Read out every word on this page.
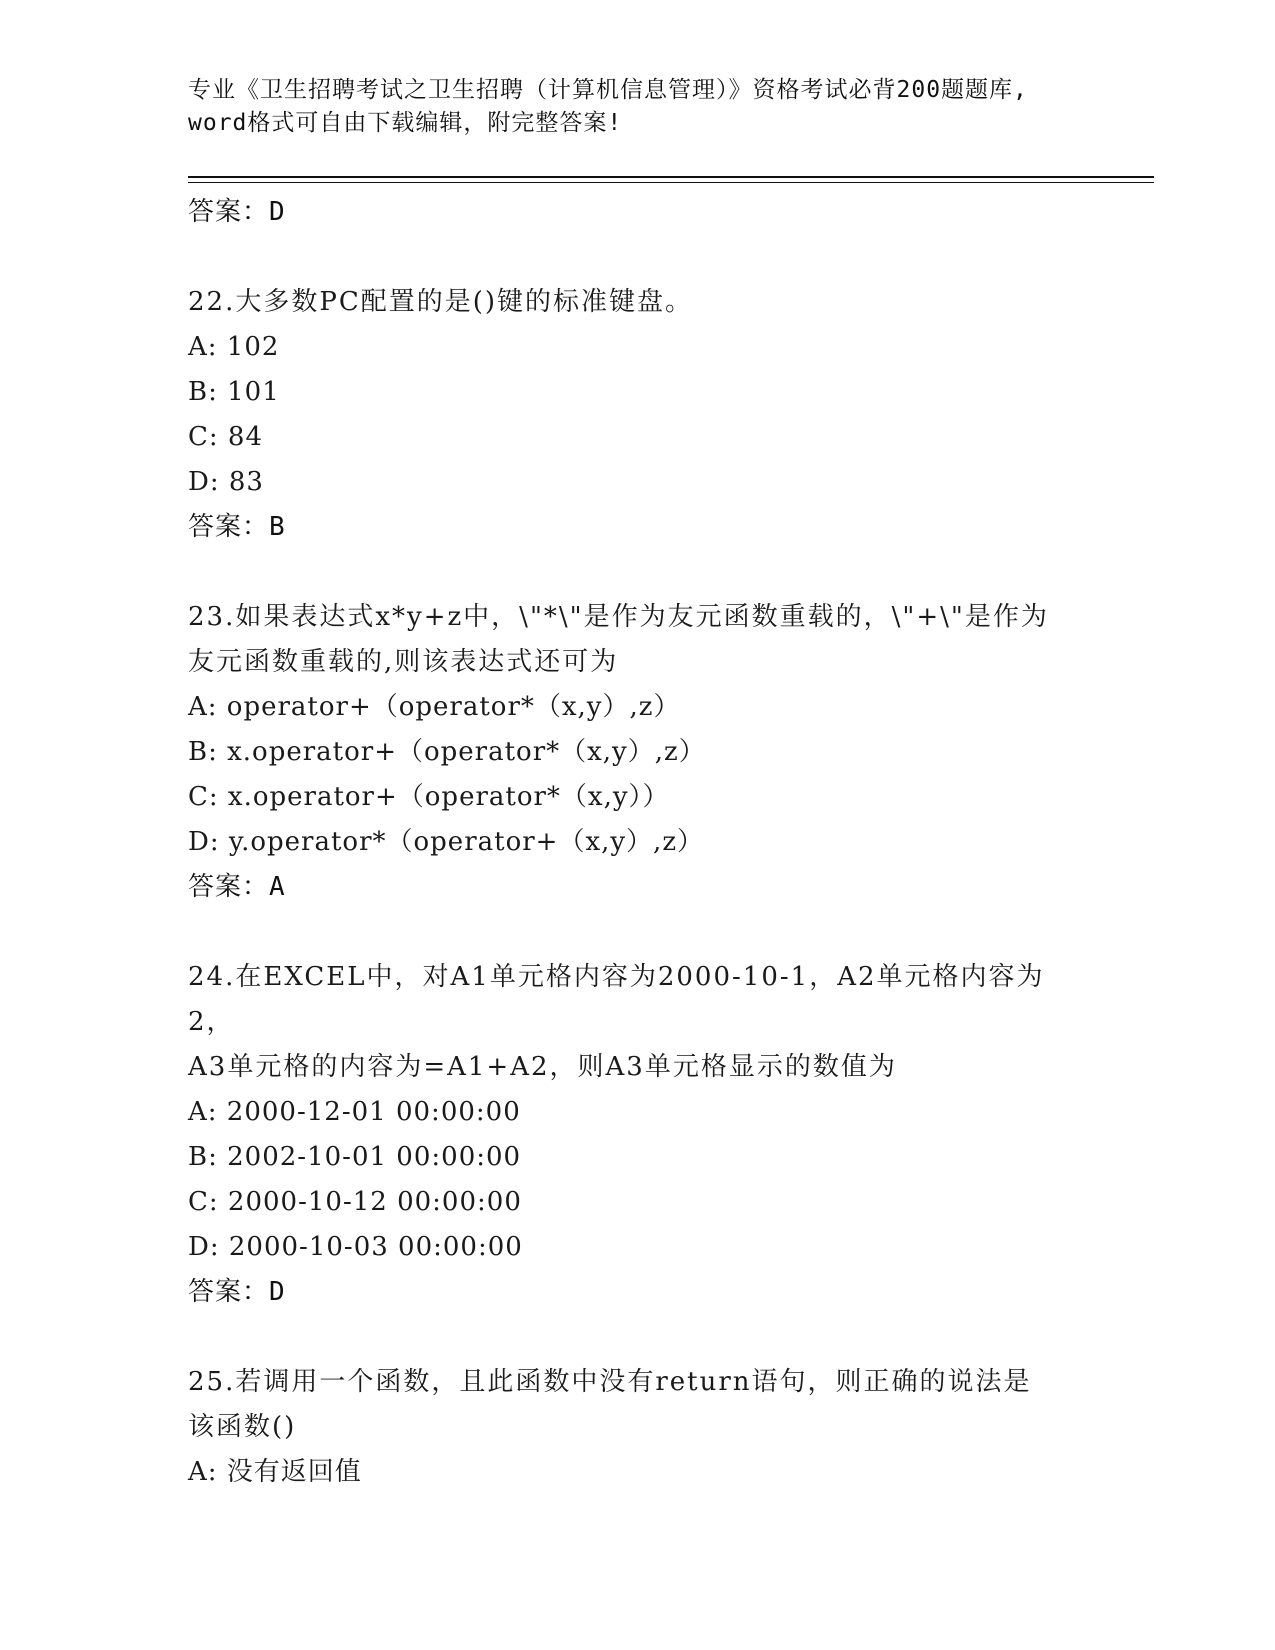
专业《卫生招聘考试之卫生招聘（计算机信息管理）》资格考试必背200题题库,
word格式可自由下载编辑，附完整答案!
答案：D
22.大多数PC配置的是()键的标准键盘。
A: 102
B: 101
C: 84
D: 83
答案：B
23.如果表达式x*y+z中，\"*\"是作为友元函数重载的，\"+\"是作为
友元函数重载的,则该表达式还可为
A: operator+（operator*（x,y）,z）
B: x.operator+（operator*（x,y）,z）
C: x.operator+（operator*（x,y））
D: y.operator*（operator+（x,y）,z）
答案：A
24.在EXCEL中，对A1单元格内容为2000-10-1，A2单元格内容为2，
A3单元格的内容为=A1+A2，则A3单元格显示的数值为
A: 2000-12-01 00:00:00
B: 2002-10-01 00:00:00
C: 2000-10-12 00:00:00
D: 2000-10-03 00:00:00
答案：D
25.若调用一个函数，且此函数中没有return语句，则正确的说法是
该函数()
A: 没有返回值
